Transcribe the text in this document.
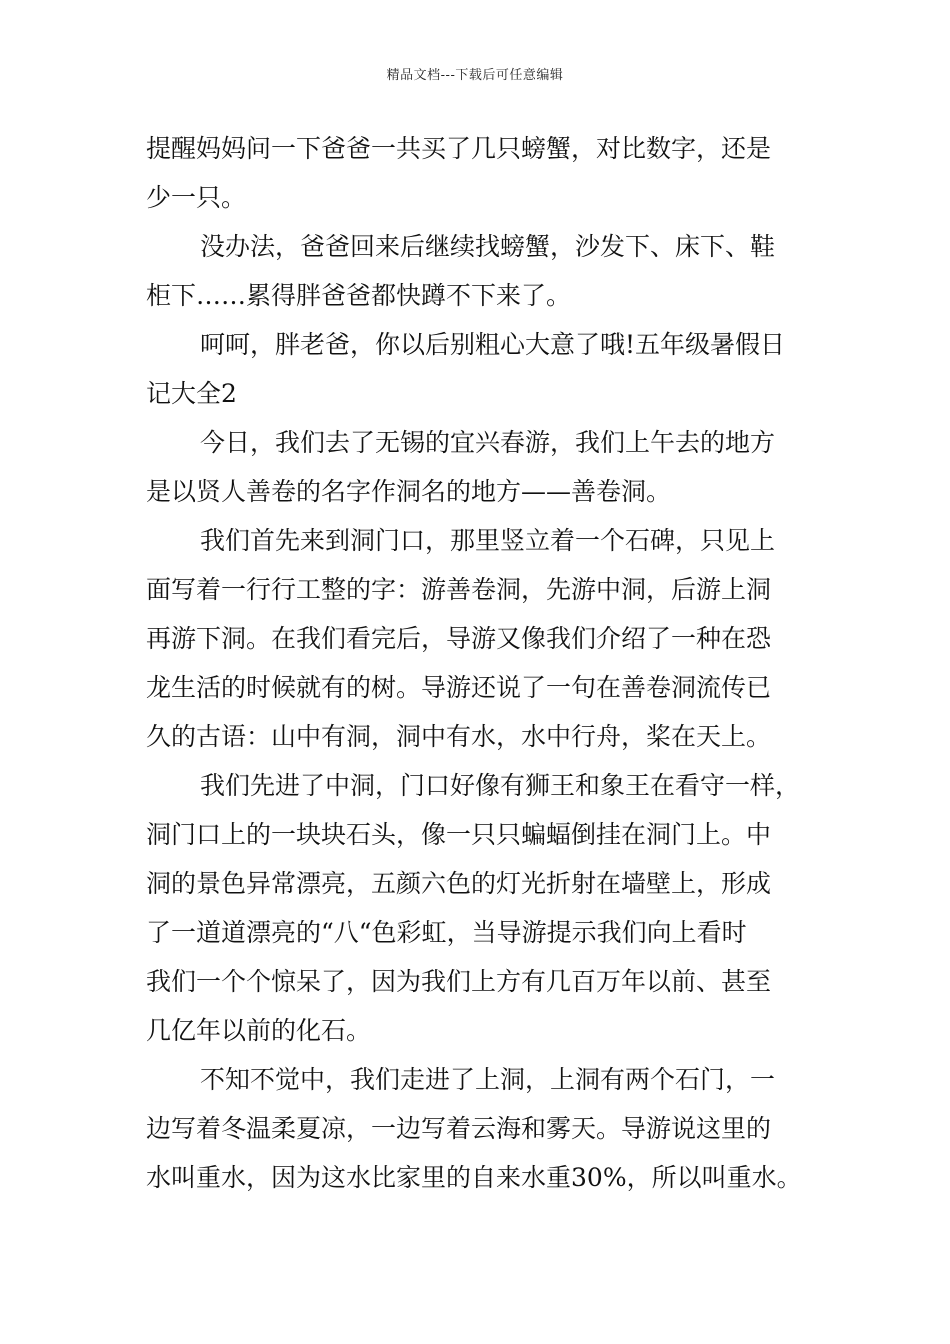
精品文档---下载后可任意编辑
提醒妈妈问一下爸爸一共买了几只螃蟹，对比数字，还是
少一只。
没办法，爸爸回来后继续找螃蟹，沙发下、床下、鞋
柜下……累得胖爸爸都快蹲不下来了。
呵呵，胖老爸，你以后别粗心大意了哦!五年级暑假日
记大全2
今日，我们去了无锡的宜兴春游，我们上午去的地方
是以贤人善卷的名字作洞名的地方——善卷洞。
我们首先来到洞门口，那里竖立着一个石碑，只见上
面写着一行行工整的字：游善卷洞，先游中洞，后游上洞
再游下洞。在我们看完后，导游又像我们介绍了一种在恐
龙生活的时候就有的树。导游还说了一句在善卷洞流传已
久的古语：山中有洞，洞中有水，水中行舟，桨在天上。
我们先进了中洞，门口好像有狮王和象王在看守一样，
洞门口上的一块块石头，像一只只蝙蝠倒挂在洞门上。中
洞的景色异常漂亮，五颜六色的灯光折射在墙壁上，形成
了一道道漂亮的“八“色彩虹，当导游提示我们向上看时
我们一个个惊呆了，因为我们上方有几百万年以前、甚至
几亿年以前的化石。
不知不觉中，我们走进了上洞，上洞有两个石门，一
边写着冬温柔夏凉，一边写着云海和雾天。导游说这里的
水叫重水，因为这水比家里的自来水重30%，所以叫重水。
